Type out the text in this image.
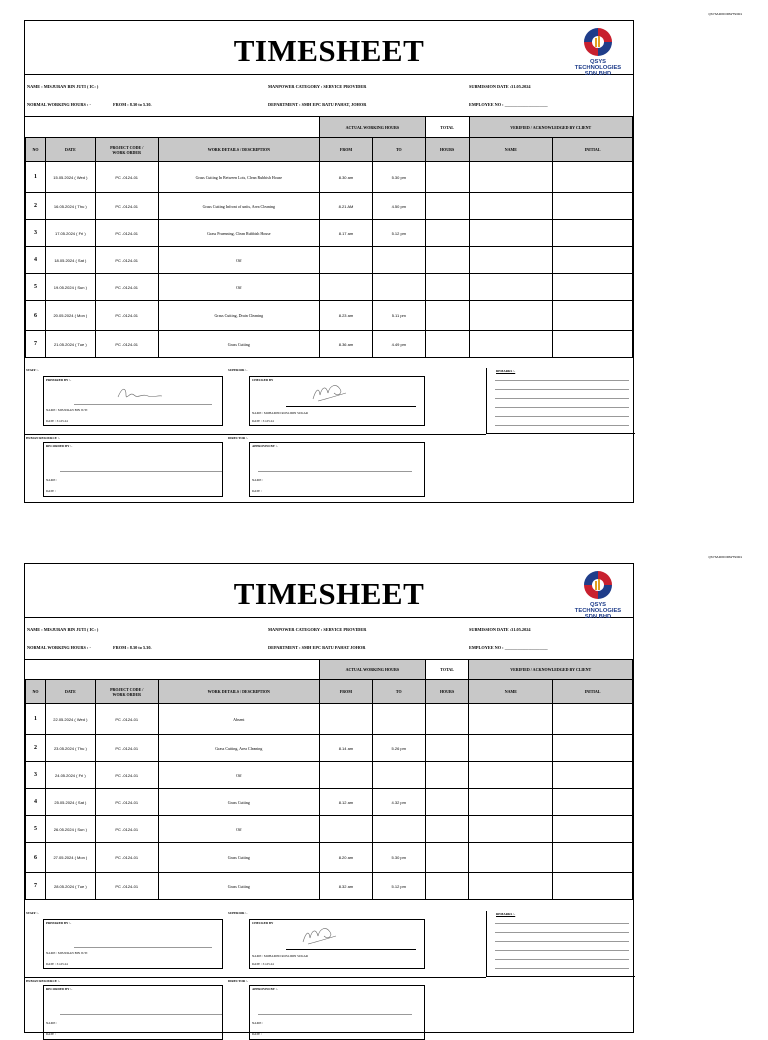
QSYS/HR/FORM/TS/001
TIMESHEET	QSYS TECHNOLOGIES
SDN BHD
NAME : MISJURAN BIN JUTI ( IC: )	MANPOWER CATEGORY : SERVICE PROVIDER	SUBMISSION DATE :31.05.2024
NORMAL WORKING HOURS : -	FROM : 8.30 to 5.30.	DEPARTMENT : SMH EPC BATU PAHAT, JOHOR	EMPLOYEE NO : ____________________
				ACTUAL WORKING HOURS		TOTAL	VERIFIED / ACKNOWLEDGED BY CLIENT	
NO	DATE	PROJECT CODE /
WORK ORDER	WORK DETAILS / DESCRIPTION	FROM	TO	HOURS	NAME	INITIAL
1	15.05.2024 ( Wed )	PC -0124-01	Grass Cutting In Between Lots, Clean Rubbish House	8.30 am	5.30 pm			
2	16.05.2024 ( Thu )	PC -0124-01	Grass Cutting Infront of units, Area Cleaning	8.21 AM	4.50 pm			
3	17.05.2024 ( Fri )	PC -0124-01	Grass Pruenning, Clean Rubbish House	8.17 am	5.12 pm			
4	18.05.2024 ( Sat )	PC -0124-01	Off					
5	19.05.2024 ( Sun )	PC -0124-01	Off					
6	20.05.2024 ( Mon )	PC -0124-01	Grass Cutting, Drain Cleaning	8.23 am	5.11 pm			
7	21.05.2024 ( Tue )	PC -0124-01	Grass Cutting	8.36 am	4.49 pm			
STAFF :-
PREPARED BY :-
NAME : MISJURAN BIN JUTI
DATE : 31.05.24
SUPERIOR :-
CHECKED BY
NAME : MOHAMED ROSLIDIN SUKAR
DATE : 31.05.24
REMARKS :-
HUMAN RESOURCE :-
RECORDED BY :-
NAME :
DATE :
DIRECTOR :-
APPROVED BY :-
NAME :
DATE :
QSYS/HR/FORM/TS/001
TIMESHEET	QSYS TECHNOLOGIES
SDN BHD
NAME : MISJURAN BIN JUTI ( IC: )	MANPOWER CATEGORY : SERVICE PROVIDER	SUBMISSION DATE :31.05.2024
NORMAL WORKING HOURS : -	FROM : 8.30 to 5.30.	DEPARTMENT : SMH EPC BATU PAHAT JOHOR	EMPLOYEE NO : ____________________
				ACTUAL WORKING HOURS		TOTAL	VERIFIED / ACKNOWLEDGED BY CLIENT	
NO	DATE	PROJECT CODE /
WORK ORDER	WORK DETAILS / DESCRIPTION	FROM	TO	HOURS	NAME	INITIAL
1	22.05.2024 ( Wed )	PC -0124-01	Absent					
2	23.05.2024 ( Thu )	PC -0124-01	Grass Cutting, Area Cleaning	8.14 am	5.26 pm			
3	24.05.2024 ( Fri )	PC -0124-01	Off					
4	25.05.2024 ( Sat )	PC -0124-01	Grass Cutting	8.12 am	4.32 pm			
5	26.05.2024 ( Sun )	PC -0124-01	Off					
6	27.05.2024 ( Mon )	PC -0124-01	Grass Cutting	8.20 am	5.30 pm			
7	28.05.2024 ( Tue )	PC -0124-01	Grass Cutting	8.32 am	5.12 pm			
STAFF :-
PREPARED BY :-
NAME : MISJURAN BIN JUTI
DATE : 31.05.24
SUPERIOR :-
CHECKED BY
NAME : MOHAMED ROSLIDIN SUKAR
DATE : 31.05.24
REMARKS :-
HUMAN RESOURCE :-
RECORDED BY :-
NAME :
DATE :
DIRECTOR :-
APPROVED BY :-
NAME :
DATE :
